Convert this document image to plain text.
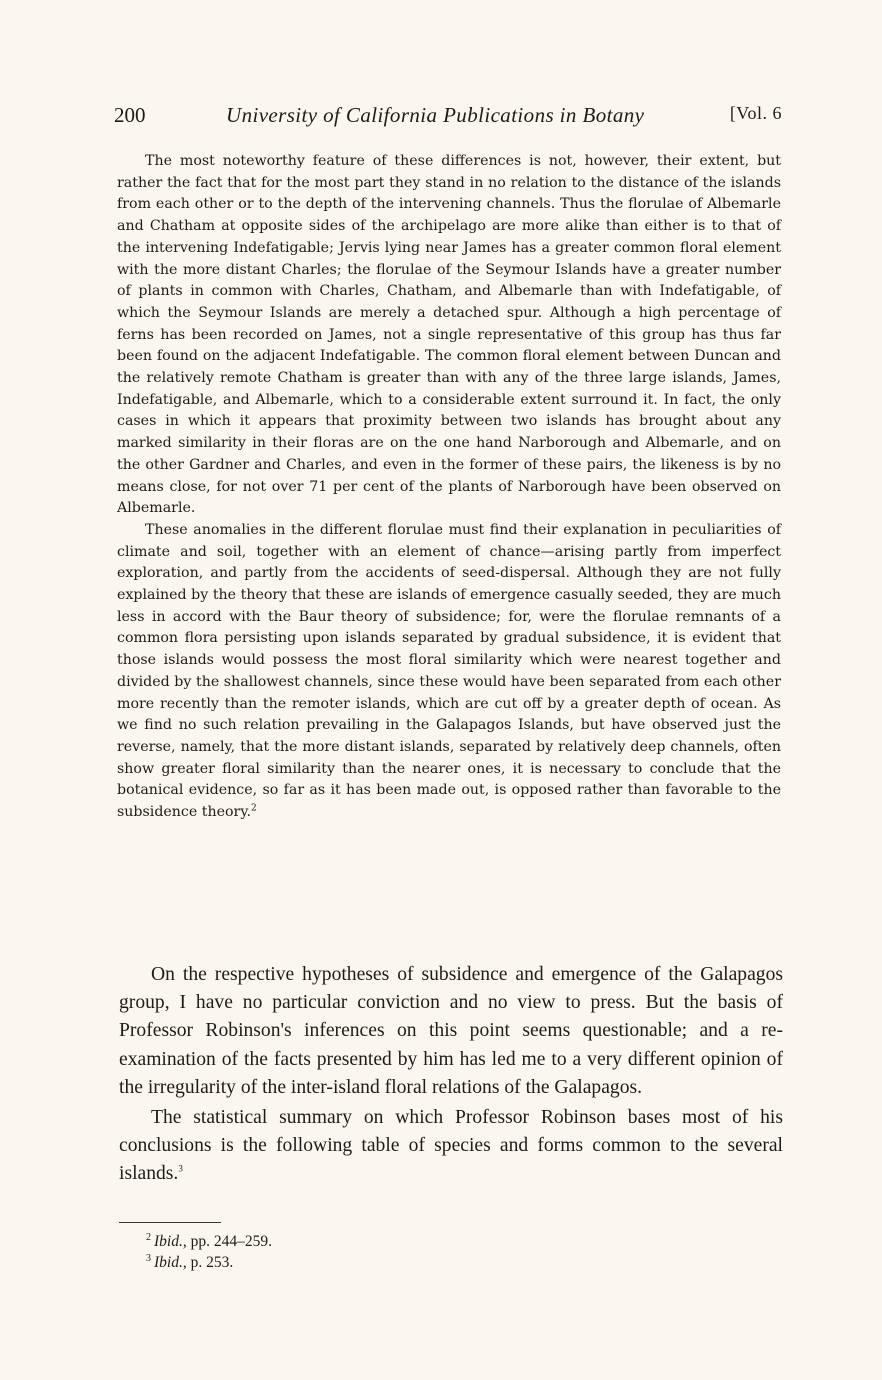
200	University of California Publications in Botany	[Vol. 6

The most noteworthy feature of these differences is not, however, their extent, but rather the fact that for the most part they stand in no relation to the distance of the islands from each other or to the depth of the intervening channels. Thus the florulae of Albemarle and Chatham at opposite sides of the archipelago are more alike than either is to that of the intervening Indefatigable; Jervis lying near James has a greater common floral element with the more distant Charles; the florulae of the Seymour Islands have a greater number of plants in common with Charles, Chatham, and Albemarle than with Indefatigable, of which the Seymour Islands are merely a detached spur. Although a high percentage of ferns has been recorded on James, not a single representative of this group has thus far been found on the adjacent Indefatigable. The common floral element between Duncan and the relatively remote Chatham is greater than with any of the three large islands, James, Indefatigable, and Albemarle, which to a considerable extent surround it. In fact, the only cases in which it appears that proximity between two islands has brought about any marked similarity in their floras are on the one hand Narborough and Albemarle, and on the other Gardner and Charles, and even in the former of these pairs, the likeness is by no means close, for not over 71 per cent of the plants of Narborough have been observed on Albemarle.

These anomalies in the different florulae must find their explanation in peculiarities of climate and soil, together with an element of chance—arising partly from imperfect exploration, and partly from the accidents of seed-dispersal. Although they are not fully explained by the theory that these are islands of emergence casually seeded, they are much less in accord with the Baur theory of subsidence; for, were the florulae remnants of a common flora persisting upon islands separated by gradual subsidence, it is evident that those islands would possess the most floral similarity which were nearest together and divided by the shallowest channels, since these would have been separated from each other more recently than the remoter islands, which are cut off by a greater depth of ocean. As we find no such relation prevailing in the Galapagos Islands, but have observed just the reverse, namely, that the more distant islands, separated by relatively deep channels, often show greater floral similarity than the nearer ones, it is necessary to conclude that the botanical evidence, so far as it has been made out, is opposed rather than favorable to the subsidence theory.$^2$

On the respective hypotheses of subsidence and emergence of the Galapagos group, I have no particular conviction and no view to press. But the basis of Professor Robinson's inferences on this point seems questionable; and a re-examination of the facts presented by him has led me to a very different opinion of the irregularity of the inter-island floral relations of the Galapagos.

The statistical summary on which Professor Robinson bases most of his conclusions is the following table of species and forms common to the several islands.$^3$

$^2$ Ibid., pp. 244–259.
$^3$ Ibid., p. 253.
